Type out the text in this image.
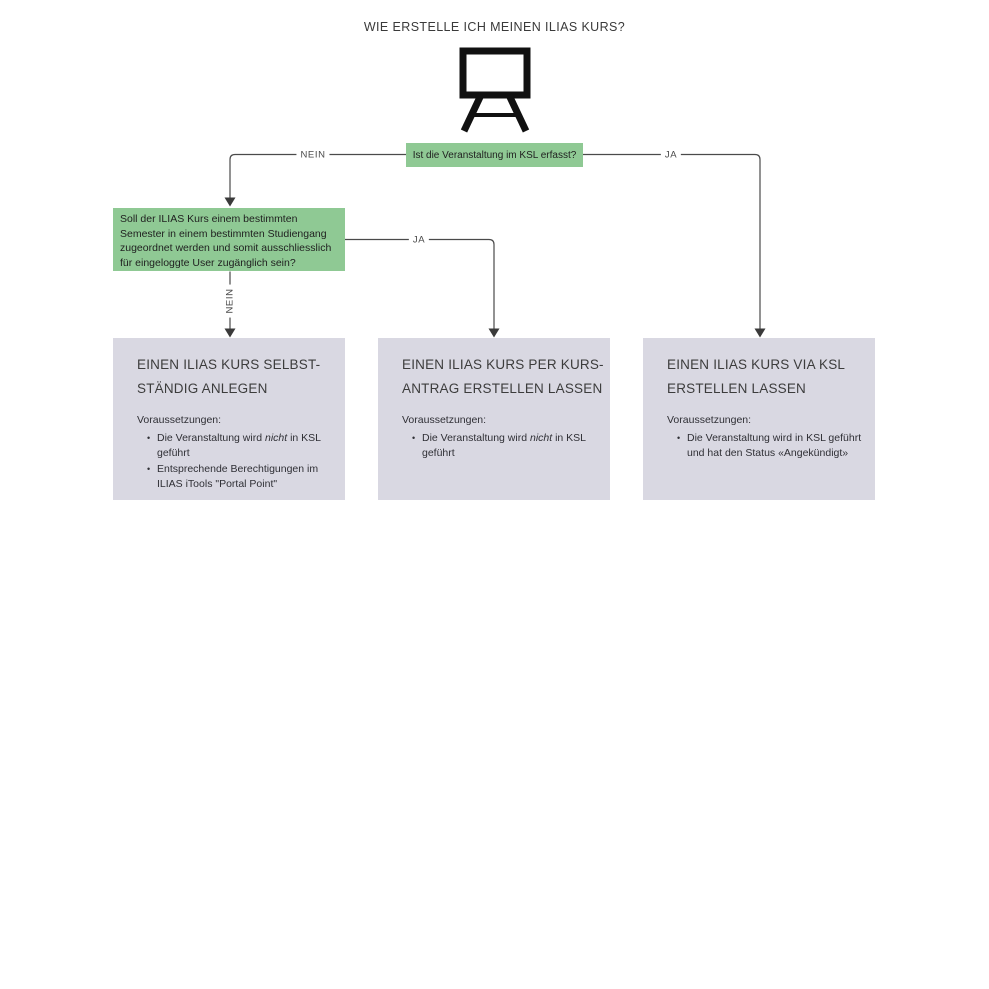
WIE ERSTELLE ICH MEINEN ILIAS KURS?
NEIN	JA
JA
NEIN
Ist die Veranstaltung im KSL erfasst?
Soll der ILIAS Kurs einem bestimmten Semester in einem bestimmten Studiengang zugeordnet werden und somit ausschliesslich für eingeloggte User zugänglich sein?
EINEN ILIAS KURS SELBST-
STÄNDIG ANLEGEN
Voraussetzungen:
• Die Veranstaltung wird nicht in KSL geführt
• Entsprechende Berechtigungen im ILIAS iTools "Portal Point"
EINEN ILIAS KURS PER KURS-
ANTRAG ERSTELLEN LASSEN
Voraussetzungen:
• Die Veranstaltung wird nicht in KSL geführt
EINEN ILIAS KURS VIA KSL
ERSTELLEN LASSEN
Voraussetzungen:
• Die Veranstaltung wird in KSL geführt und hat den Status «Angekündigt»
